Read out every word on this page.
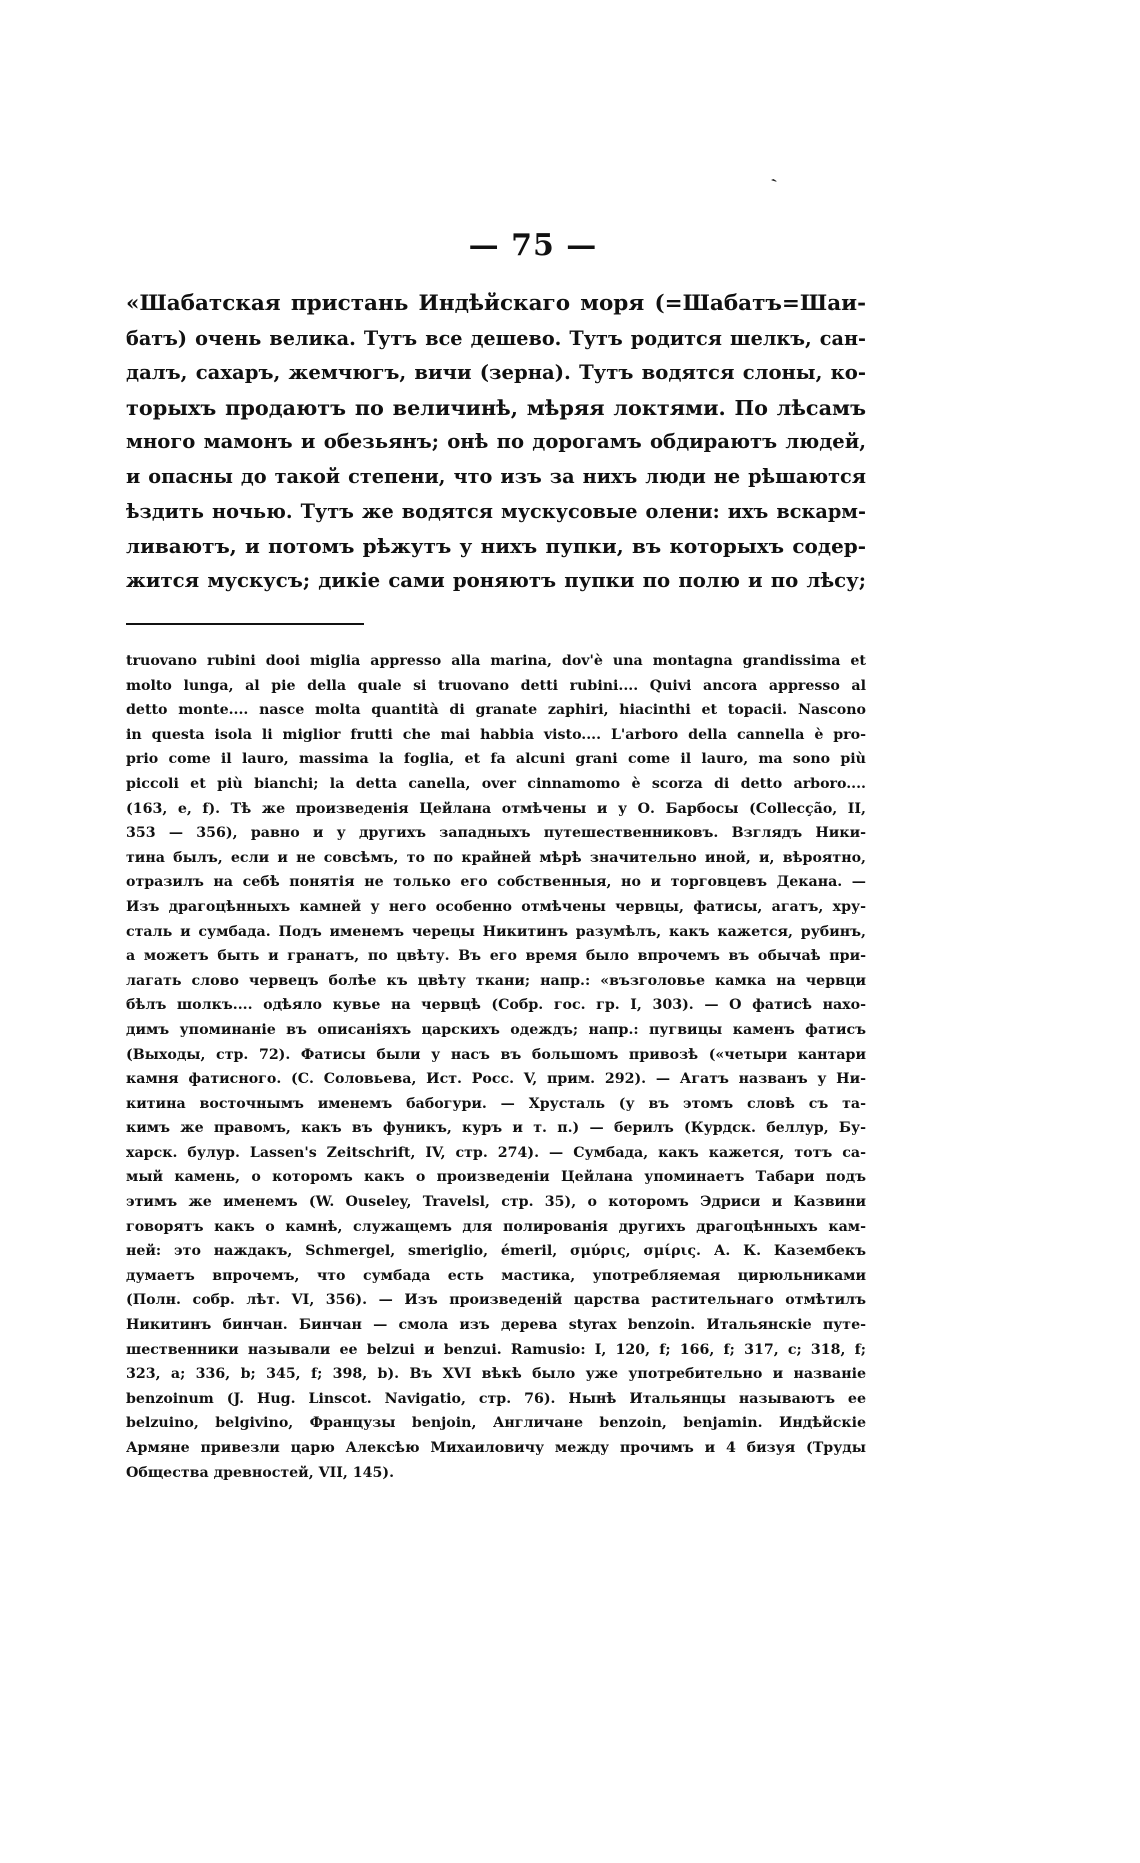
ˏ
— 75 —
«Шабатская пристань Индѣйскаго моря (=Шабатъ=Шаи-
батъ) очень велика. Тутъ все дешево. Тутъ родится шелкъ, сан-
далъ, сахаръ, жемчюгъ, вичи (зерна). Тутъ водятся слоны, ко-
торыхъ продаютъ по величинѣ, мѣряя локтями. По лѣсамъ
много мамонъ и обезьянъ; онѣ по дорогамъ обдираютъ людей,
и опасны до такой степени, что изъ за нихъ люди не рѣшаются
ѣздить ночью. Тутъ же водятся мускусовые олени: ихъ вскарм-
ливаютъ, и потомъ рѣжутъ у нихъ пупки, въ которыхъ содер-
жится мускусъ; дикіе сами роняютъ пупки по полю и по лѣсу;
truovano rubini dooi miglia appresso alla marina, dov'è una montagna grandissima et
molto lunga, al pie della quale si truovano detti rubini.... Quivi ancora appresso al
detto monte.... nasce molta quantità di granate zaphiri, hiacinthi et topacii. Nascono
in questa isola li miglior frutti che mai habbia visto.... L'arboro della cannella è pro-
prio come il lauro, massima la foglia, et fa alcuni grani come il lauro, ma sono più
piccoli et più bianchi; la detta canella, over cinnamomo è scorza di detto arboro....
(163, e, f). Тѣ же произведенія Цейлана отмѣчены и у О. Барбосы (Collecção, II,
353 — 356), равно и у другихъ западныхъ путешественниковъ. Взглядъ Ники-
тина былъ, если и не совсѣмъ, то по крайней мѣрѣ значительно иной, и, вѣроятно,
отразилъ на себѣ понятія не только его собственныя, но и торговцевъ Декана. —
Изъ драгоцѣнныхъ камней у него особенно отмѣчены червцы, фатисы, агатъ, хру-
сталь и сумбада. Подъ именемъ черецы Никитинъ разумѣлъ, какъ кажется, рубинъ,
а можетъ быть и гранатъ, по цвѣту. Въ его время было впрочемъ въ обычаѣ при-
лагать слово червецъ болѣе къ цвѣту ткани; напр.: «възголовье камка на червци
бѣлъ шолкъ.... одѣяло кувье на червцѣ (Собр. гос. гр. I, 303). — О фатисѣ нахо-
димъ упоминаніе въ описаніяхъ царскихъ одеждъ; напр.: пугвицы каменъ фатисъ
(Выходы, стр. 72). Фатисы были у насъ въ большомъ привозѣ («четыри кантари
камня фатисного. (С. Соловьева, Ист. Росс. V, прим. 292). — Агатъ названъ у Ни-
китина восточнымъ именемъ бабогури. — Хрусталь (у въ этомъ словѣ съ та-
кимъ же правомъ, какъ въ фуникъ, куръ и т. п.) — берилъ (Курдск. беллур, Бу-
харск. булур. Lassen's Zeitschrift, IV, стр. 274). — Сумбада, какъ кажется, тотъ са-
мый камень, о которомъ какъ о произведеніи Цейлана упоминаетъ Табари подъ
этимъ же именемъ (W. Ouseley, Travelsl, стр. 35), о которомъ Эдриси и Казвини
говорятъ какъ о камнѣ, служащемъ для полированія другихъ драгоцѣнныхъ кам-
ней: это наждакъ, Schmergel, smeriglio, émeril, σμύρις, σμίρις. А. К. Казембекъ
думаетъ впрочемъ, что сумбада есть мастика, употребляемая цирюльниками
(Полн. собр. лѣт. VI, 356). — Изъ произведеній царства растительнаго отмѣтилъ
Никитинъ бинчан. Бинчан — смола изъ дерева styrax benzoin. Итальянскіе путе-
шественники называли ее belzui и benzui. Ramusio: I, 120, f; 166, f; 317, c; 318, f;
323, a; 336, b; 345, f; 398, b). Въ XVI вѣкѣ было уже употребительно и названіе
benzoinum (J. Hug. Linscot. Navigatio, стр. 76). Нынѣ Итальянцы называютъ ее
belzuino, belgivino, Французы benjoin, Англичане benzoin, benjamin. Индѣйскіе
Армяне привезли царю Алексѣю Михаиловичу между прочимъ и 4 бизуя (Труды
Общества древностей, VII, 145).
